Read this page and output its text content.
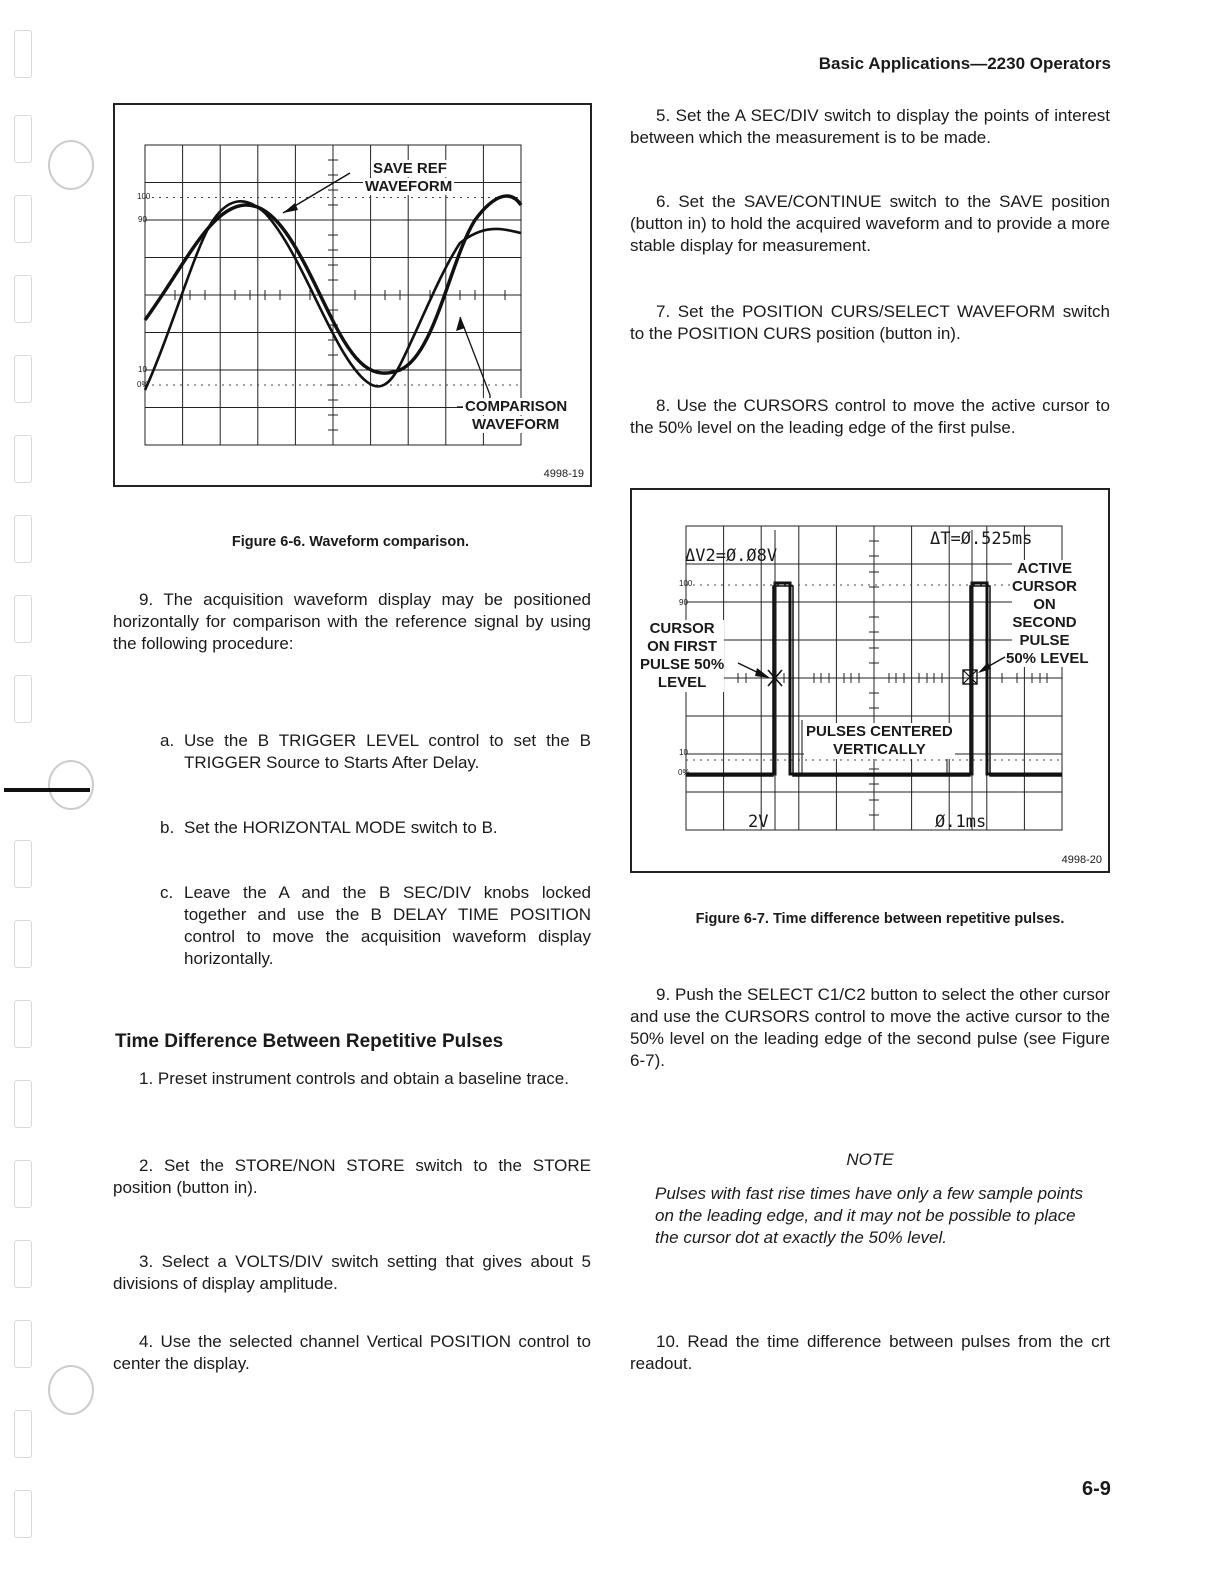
Basic Applications—2230 Operators
SAVE REF
WAVEFORM
COMPARISON
WAVEFORM
100
90
10
0%
4998-19
Figure 6-6. Waveform comparison.
9. The acquisition waveform display may be positioned horizontally for comparison with the reference signal by using the following procedure:
a. Use the B TRIGGER LEVEL control to set the B TRIGGER Source to Starts After Delay.
b. Set the HORIZONTAL MODE switch to B.
c. Leave the A and the B SEC/DIV knobs locked together and use the B DELAY TIME POSITION control to move the acquisition waveform display horizontally.
Time Difference Between Repetitive Pulses
1. Preset instrument controls and obtain a baseline trace.
2. Set the STORE/NON STORE switch to the STORE position (button in).
3. Select a VOLTS/DIV switch setting that gives about 5 divisions of display amplitude.
4. Use the selected channel Vertical POSITION control to center the display.
5. Set the A SEC/DIV switch to display the points of interest between which the measurement is to be made.
6. Set the SAVE/CONTINUE switch to the SAVE position (button in) to hold the acquired waveform and to provide a more stable display for measurement.
7. Set the POSITION CURS/SELECT WAVEFORM switch to the POSITION CURS position (button in).
8. Use the CURSORS control to move the active cursor to the 50% level on the leading edge of the first pulse.
ΔV2=Ø.Ø8V
ΔT=Ø.525ms
2V	Ø.1ms
ACTIVE
CURSOR
ON
SECOND
PULSE
50% LEVEL
CURSOR
ON FIRST
PULSE 50%
LEVEL
PULSES CENTERED
VERTICALLY
100
90
10
0%
4998-20
Figure 6-7. Time difference between repetitive pulses.
9. Push the SELECT C1/C2 button to select the other cursor and use the CURSORS control to move the active cursor to the 50% level on the leading edge of the second pulse (see Figure 6-7).
NOTE
Pulses with fast rise times have only a few sample points on the leading edge, and it may not be possible to place the cursor dot at exactly the 50% level.
10. Read the time difference between pulses from the crt readout.
6-9
